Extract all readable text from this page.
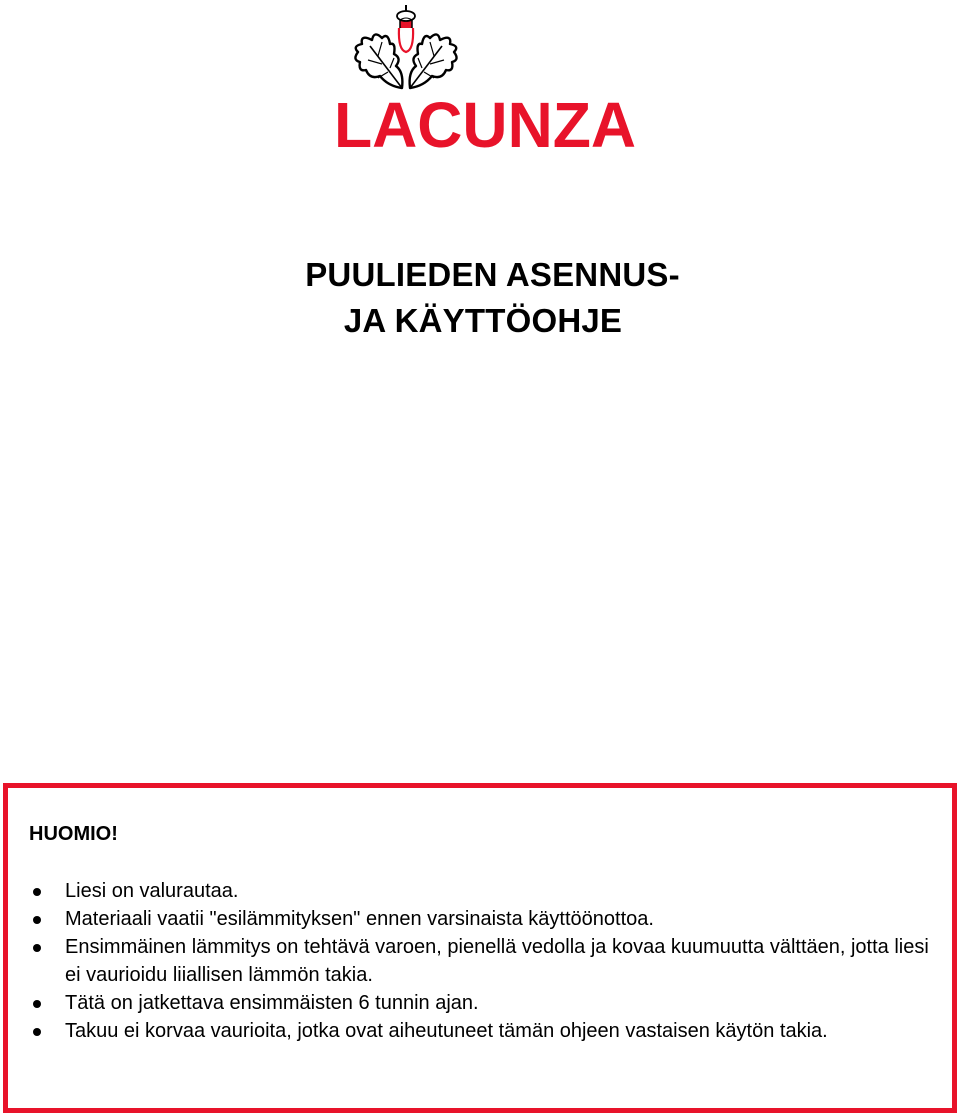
LACUNZA
PUULIEDEN ASENNUS-
JA KÄYTTÖOHJE
HUOMIO!
Liesi on valurautaa.
Materiaali vaatii "esilämmityksen" ennen varsinaista käyttöönottoa.
Ensimmäinen lämmitys on tehtävä varoen, pienellä vedolla ja kovaa kuumuutta välttäen, jotta liesi ei vaurioidu liiallisen lämmön takia.
Tätä on jatkettava ensimmäisten 6 tunnin ajan.
Takuu ei korvaa vaurioita, jotka ovat aiheutuneet tämän ohjeen vastaisen käytön takia.
